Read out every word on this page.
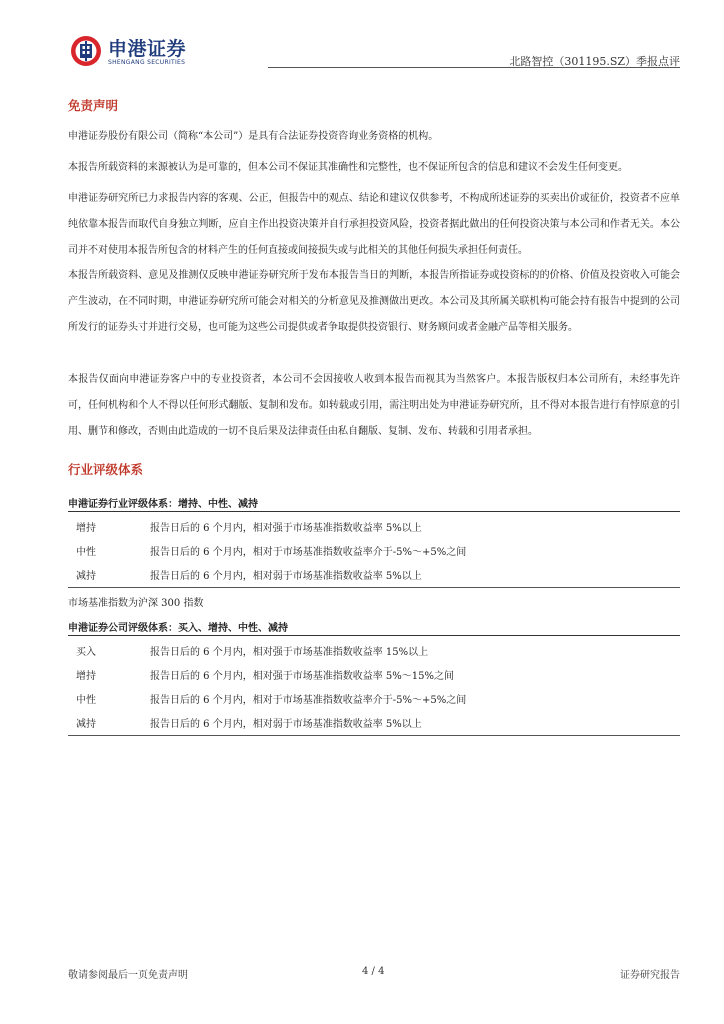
申港证券
SHENGANG SECURITIES	北路智控（301195.SZ）季报点评
免责声明
申港证券股份有限公司（简称“本公司”）是具有合法证券投资咨询业务资格的机构。
本报告所载资料的来源被认为是可靠的，但本公司不保证其准确性和完整性，也不保证所包含的信息和建议不会发生任何变更。
申港证券研究所已力求报告内容的客观、公正，但报告中的观点、结论和建议仅供参考，不构成所述证券的买卖出价或征价，投资者不应单纯依靠本报告而取代自身独立判断，应自主作出投资决策并自行承担投资风险，投资者据此做出的任何投资决策与本公司和作者无关。本公司并不对使用本报告所包含的材料产生的任何直接或间接损失或与此相关的其他任何损失承担任何责任。
本报告所载资料、意见及推测仅反映申港证券研究所于发布本报告当日的判断，本报告所指证券或投资标的的价格、价值及投资收入可能会产生波动，在不同时期，申港证券研究所可能会对相关的分析意见及推测做出更改。本公司及其所属关联机构可能会持有报告中提到的公司所发行的证券头寸并进行交易，也可能为这些公司提供或者争取提供投资银行、财务顾问或者金融产品等相关服务。
本报告仅面向申港证券客户中的专业投资者，本公司不会因接收人收到本报告而视其为当然客户。本报告版权归本公司所有，未经事先许可，任何机构和个人不得以任何形式翻版、复制和发布。如转载或引用，需注明出处为申港证券研究所，且不得对本报告进行有悖原意的引用、删节和修改，否则由此造成的一切不良后果及法律责任由私自翻版、复制、发布、转载和引用者承担。
行业评级体系
申港证券行业评级体系：增持、中性、减持
增持	报告日后的 6 个月内，相对强于市场基准指数收益率 5%以上
中性	报告日后的 6 个月内，相对于市场基准指数收益率介于-5%～+5%之间
减持	报告日后的 6 个月内，相对弱于市场基准指数收益率 5%以上
市场基准指数为沪深 300 指数
申港证券公司评级体系：买入、增持、中性、减持
买入	报告日后的 6 个月内，相对强于市场基准指数收益率 15%以上
增持	报告日后的 6 个月内，相对强于市场基准指数收益率 5%～15%之间
中性	报告日后的 6 个月内，相对于市场基准指数收益率介于-5%～+5%之间
减持	报告日后的 6 个月内，相对弱于市场基准指数收益率 5%以上
敬请参阅最后一页免责声明	4 / 4	证券研究报告
